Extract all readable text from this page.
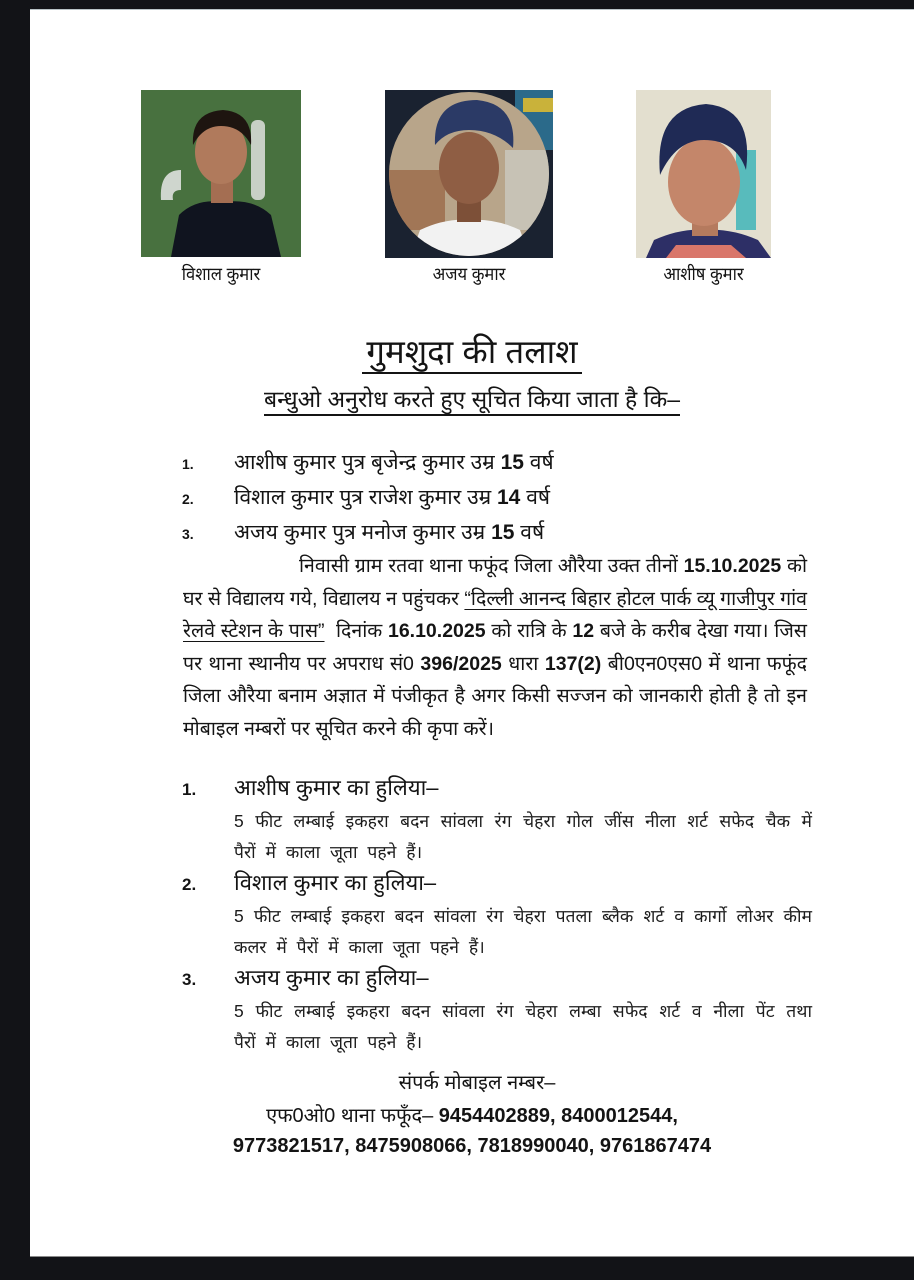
विशाल कुमार	अजय कुमार	आशीष कुमार
गुमशुदा की तलाश
बन्धुओ अनुरोध करते हुए सूचित किया जाता है कि–
1.	आशीष कुमार पुत्र बृजेन्द्र कुमार उम्र 15 वर्ष
2.	विशाल कुमार पुत्र राजेश कुमार उम्र 14 वर्ष
3.	अजय कुमार पुत्र मनोज कुमार उम्र 15 वर्ष
निवासी ग्राम रतवा थाना फफूंद जिला औरैया उक्त तीनों 15.10.2025 को घर से विद्यालय गये, विद्यालय न पहुंचकर “दिल्ली आनन्द बिहार होटल पार्क व्यू गाजीपुर गांव रेलवे स्टेशन के पास” दिनांक 16.10.2025 को रात्रि के 12 बजे के करीब देखा गया। जिस पर थाना स्थानीय पर अपराध सं0 396/2025 धारा 137(2) बी0एन0एस0 में थाना फफूंद जिला औरैया बनाम अज्ञात में पंजीकृत है अगर किसी सज्जन को जानकारी होती है तो इन मोबाइल नम्बरों पर सूचित करने की कृपा करें।
1.	आशीष कुमार का हुलिया–
5 फीट लम्बाई इकहरा बदन सांवला रंग चेहरा गोल जींस नीला शर्ट सफेद चैक में पैरों में काला जूता पहने हैं।
2.	विशाल कुमार का हुलिया–
5 फीट लम्बाई इकहरा बदन सांवला रंग चेहरा पतला ब्लैक शर्ट व कार्गो लोअर कीम कलर में पैरों में काला जूता पहने हैं।
3.	अजय कुमार का हुलिया–
5 फीट लम्बाई इकहरा बदन सांवला रंग चेहरा लम्बा सफेद शर्ट व नीला पेंट तथा पैरों में काला जूता पहने हैं।
संपर्क मोबाइल नम्बर–
एफ0ओ0 थाना फफूँद– 9454402889, 8400012544,
9773821517, 8475908066, 7818990040, 9761867474
